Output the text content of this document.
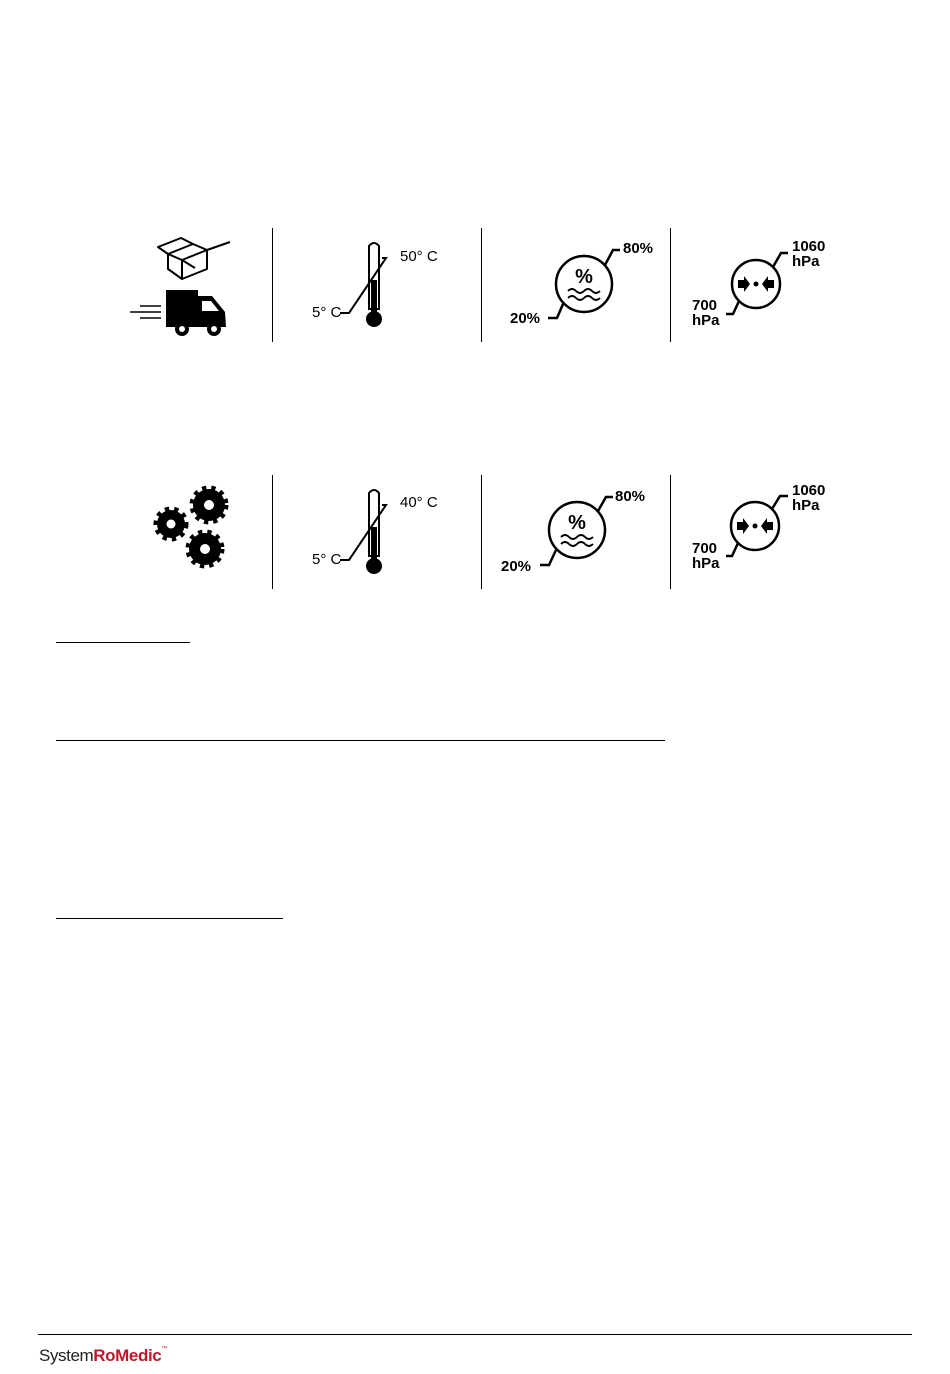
50° C
5° C
%
80%
20%
1060
hPa
700
hPa
40° C
5° C
%
80%
20%
1060
hPa
700
hPa
SystemRoMedic™
